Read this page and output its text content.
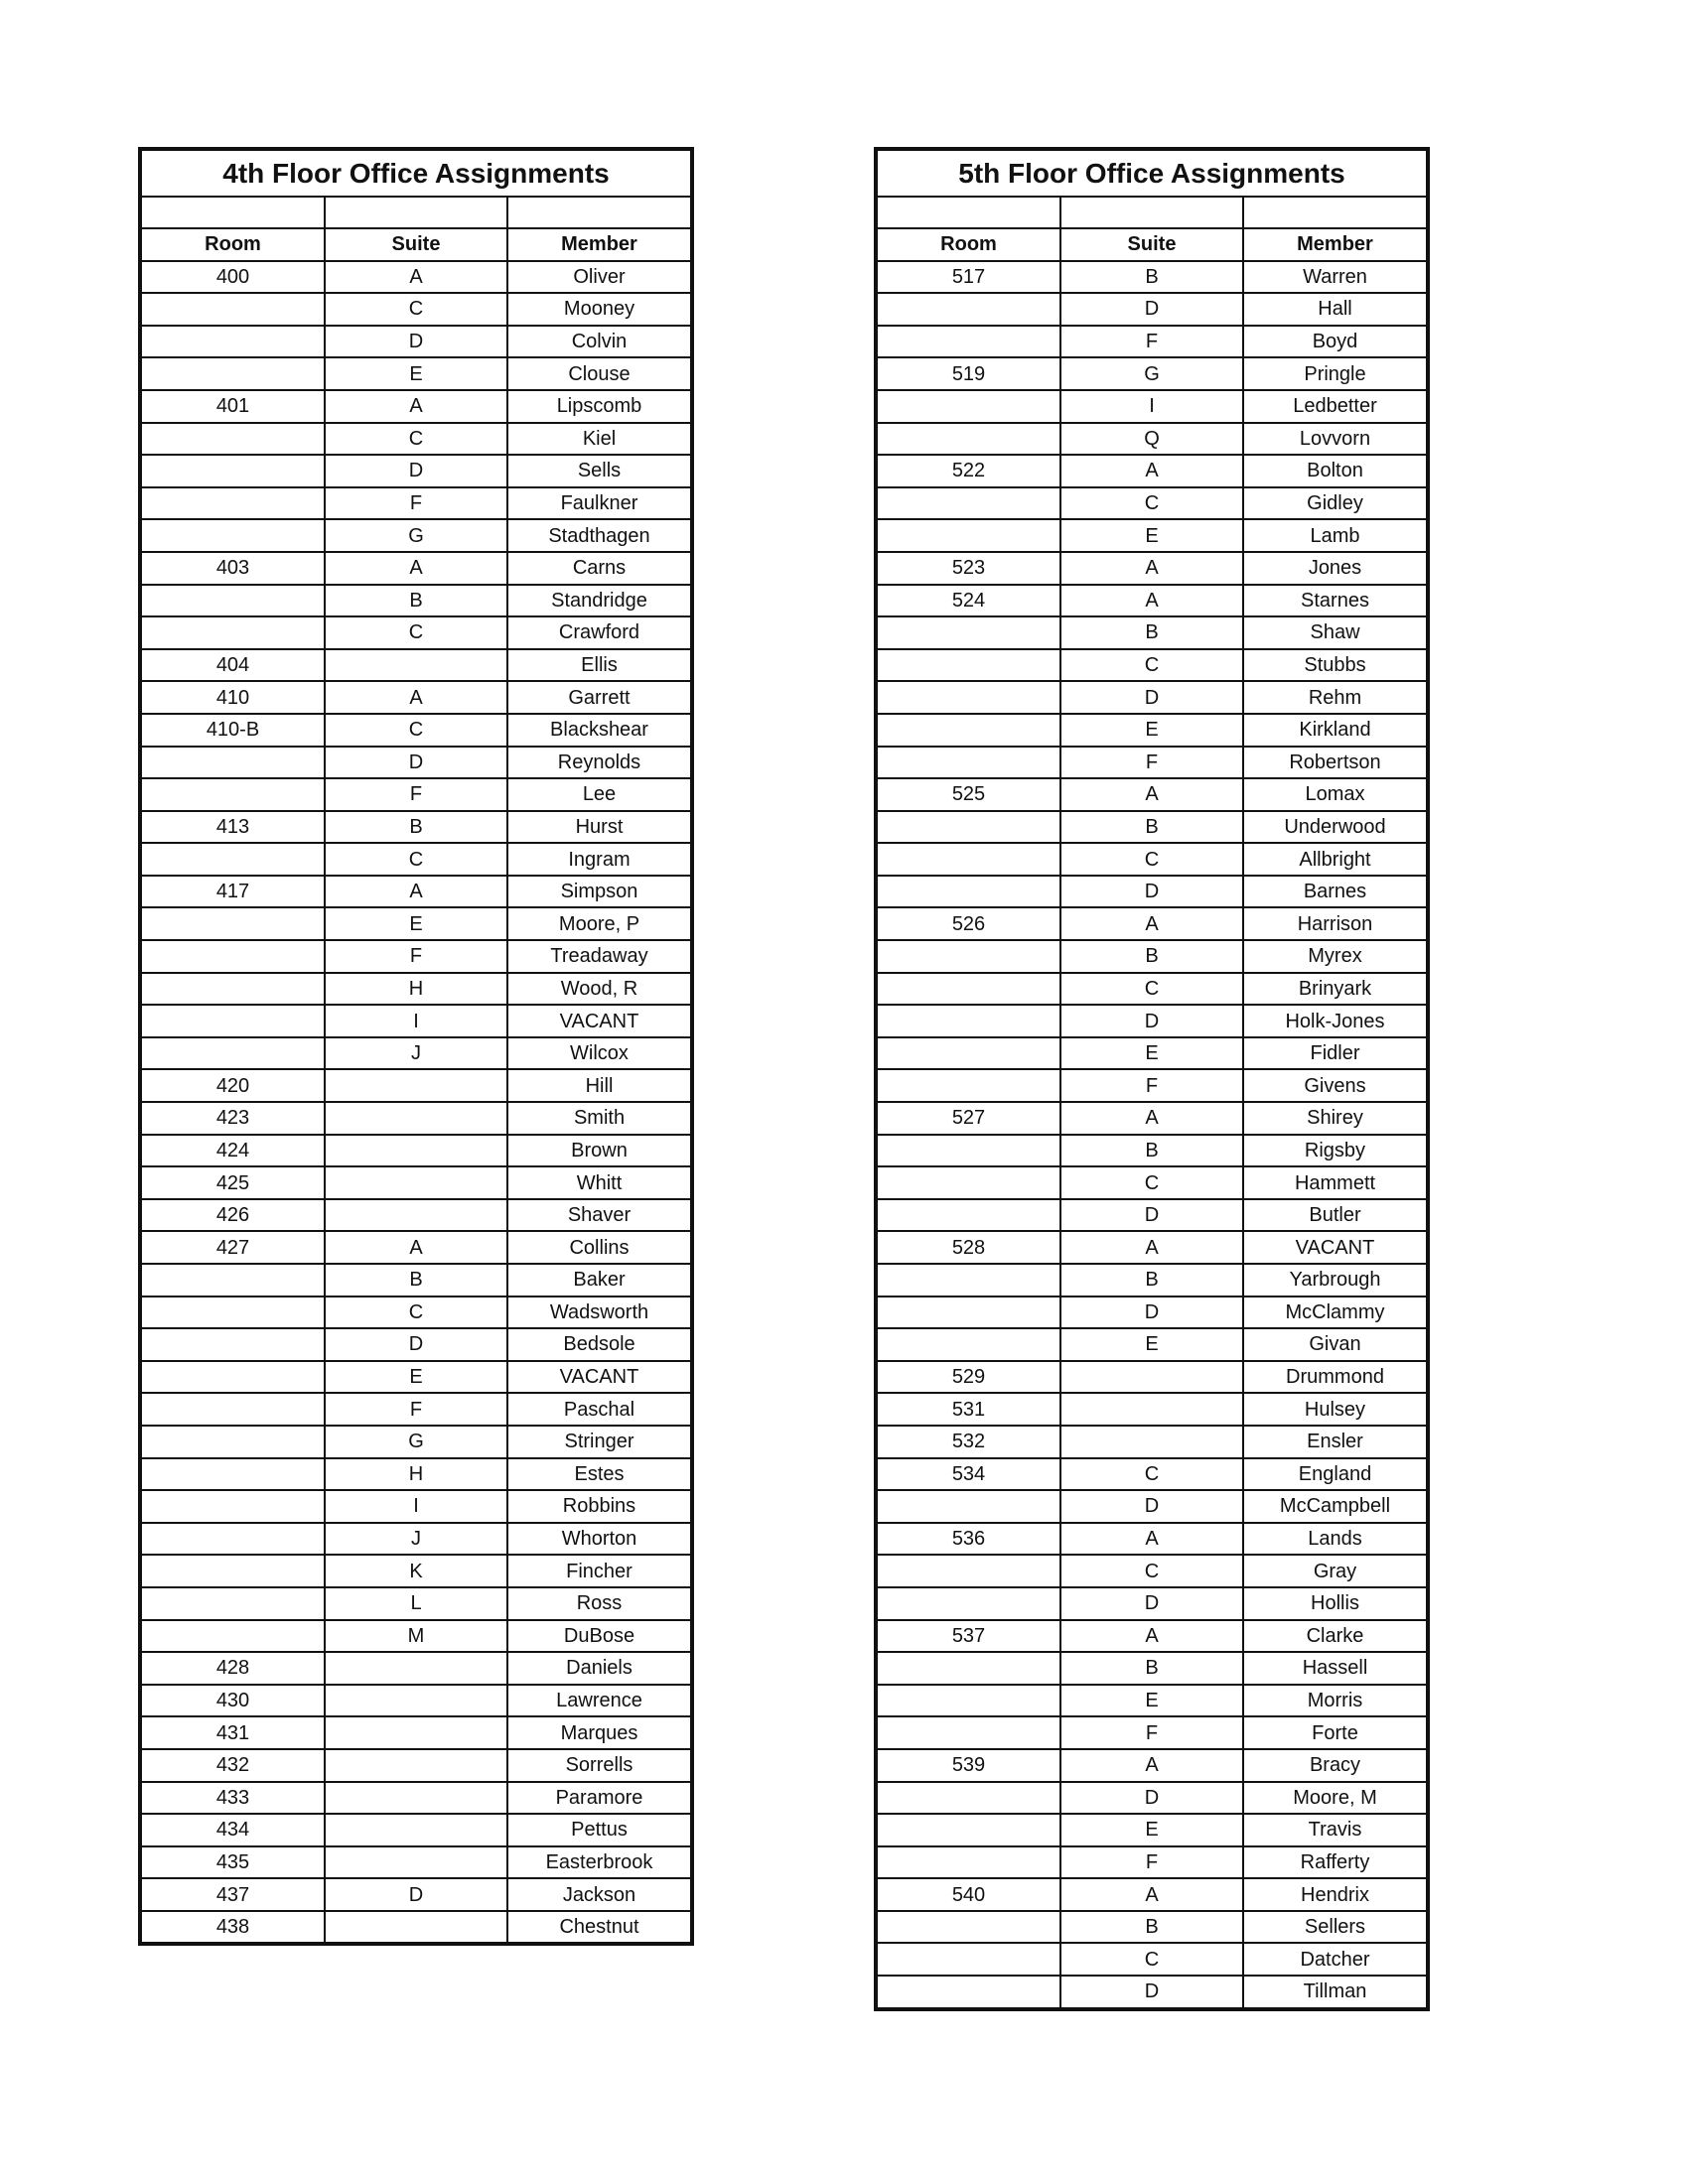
4th Floor Office Assignments		

Room	Suite	Member
400	A	Oliver
	C	Mooney
	D	Colvin
	E	Clouse
401	A	Lipscomb
	C	Kiel
	D	Sells
	F	Faulkner
	G	Stadthagen
403	A	Carns
	B	Standridge
	C	Crawford
404		Ellis
410	A	Garrett
410-B	C	Blackshear
	D	Reynolds
	F	Lee
413	B	Hurst
	C	Ingram
417	A	Simpson
	E	Moore, P
	F	Treadaway
	H	Wood, R
	I	VACANT
	J	Wilcox
420		Hill
423		Smith
424		Brown
425		Whitt
426		Shaver
427	A	Collins
	B	Baker
	C	Wadsworth
	D	Bedsole
	E	VACANT
	F	Paschal
	G	Stringer
	H	Estes
	I	Robbins
	J	Whorton
	K	Fincher
	L	Ross
	M	DuBose
428		Daniels
430		Lawrence
431		Marques
432		Sorrells
433		Paramore
434		Pettus
435		Easterbrook
437	D	Jackson
438		Chestnut
5th Floor Office Assignments		

Room	Suite	Member
517	B	Warren
	D	Hall
	F	Boyd
519	G	Pringle
	I	Ledbetter
	Q	Lovvorn
522	A	Bolton
	C	Gidley
	E	Lamb
523	A	Jones
524	A	Starnes
	B	Shaw
	C	Stubbs
	D	Rehm
	E	Kirkland
	F	Robertson
525	A	Lomax
	B	Underwood
	C	Allbright
	D	Barnes
526	A	Harrison
	B	Myrex
	C	Brinyark
	D	Holk-Jones
	E	Fidler
	F	Givens
527	A	Shirey
	B	Rigsby
	C	Hammett
	D	Butler
528	A	VACANT
	B	Yarbrough
	D	McClammy
	E	Givan
529		Drummond
531		Hulsey
532		Ensler
534	C	England
	D	McCampbell
536	A	Lands
	C	Gray
	D	Hollis
537	A	Clarke
	B	Hassell
	E	Morris
	F	Forte
539	A	Bracy
	D	Moore, M
	E	Travis
	F	Rafferty
540	A	Hendrix
	B	Sellers
	C	Datcher
	D	Tillman
